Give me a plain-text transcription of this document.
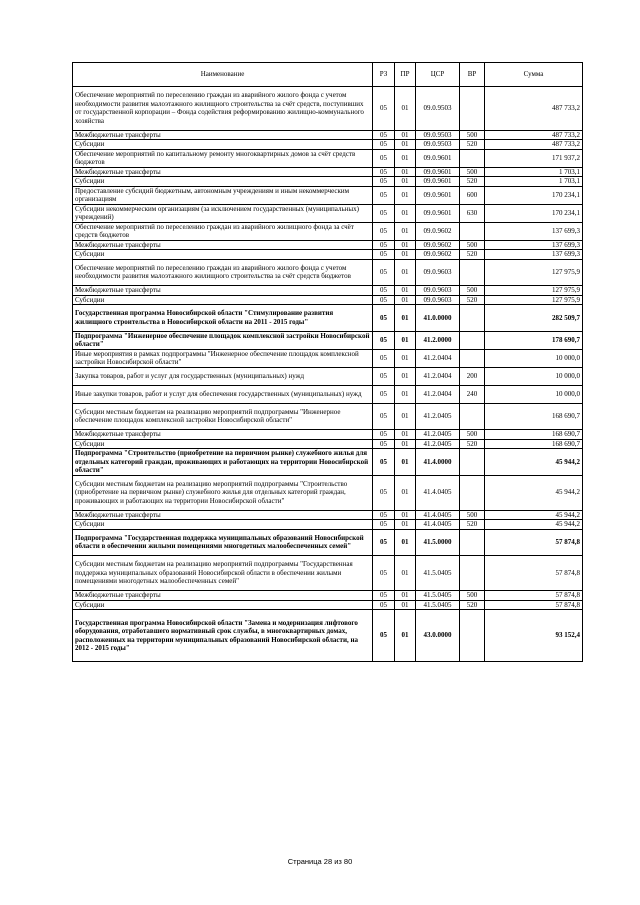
Наименование	РЗ	ПР	ЦСР	ВР	Сумма
Обеспечение мероприятий по переселению граждан из аварийного жилого фонда с учетом необходимости развития малоэтажного жилищного строительства за счёт средств, поступивших от государственной корпорации – Фонда содействия реформированию жилищно-коммунального хозяйства	05	01	09.0.9503		487 733,2
Межбюджетные трансферты	05	01	09.0.9503	500	487 733,2
Субсидии	05	01	09.0.9503	520	487 733,2
Обеспечение мероприятий по капитальному ремонту многоквартирных домов за счёт средств бюджетов	05	01	09.0.9601		171 937,2
Межбюджетные трансферты	05	01	09.0.9601	500	1 703,1
Субсидии	05	01	09.0.9601	520	1 703,1
Предоставление субсидий бюджетным, автономным учреждениям и иным некоммерческим организациям	05	01	09.0.9601	600	170 234,1
Субсидии некоммерческим организациям (за исключением государственных (муниципальных) учреждений)	05	01	09.0.9601	630	170 234,1
Обеспечение мероприятий по переселению граждан из аварийного жилищного фонда за счёт средств бюджетов	05	01	09.0.9602		137 699,3
Межбюджетные трансферты	05	01	09.0.9602	500	137 699,3
Субсидии	05	01	09.0.9602	520	137 699,3
Обеспечение мероприятий по переселению граждан из аварийного жилого фонда с учетом необходимости развития малоэтажного жилищного строительства за счёт средств бюджетов	05	01	09.0.9603		127 975,9
Межбюджетные трансферты	05	01	09.0.9603	500	127 975,9
Субсидии	05	01	09.0.9603	520	127 975,9
Государственная программа Новосибирской области "Стимулирование развития жилищного строительства в Новосибирской области на 2011 - 2015 годы"	05	01	41.0.0000		282 509,7
Подпрограмма "Инженерное обеспечение площадок комплексной застройки Новосибирской области"	05	01	41.2.0000		178 690,7
Иные мероприятия в рамках подпрограммы "Инженерное обеспечение площадок комплексной застройки Новосибирской области"	05	01	41.2.0404		10 000,0
Закупка товаров, работ и услуг для государственных (муниципальных) нужд	05	01	41.2.0404	200	10 000,0
Иные закупки товаров, работ и услуг для обеспечения государственных (муниципальных) нужд	05	01	41.2.0404	240	10 000,0
Субсидии местным бюджетам на реализацию мероприятий подпрограммы "Инженерное обеспечение площадок комплексной застройки Новосибирской области"	05	01	41.2.0405		168 690,7
Межбюджетные трансферты	05	01	41.2.0405	500	168 690,7
Субсидии	05	01	41.2.0405	520	168 690,7
Подпрограмма "Строительство (приобретение на первичном рынке) служебного жилья для отдельных категорий граждан, проживающих и работающих на территории Новосибирской области"	05	01	41.4.0000		45 944,2
Субсидии местным бюджетам на реализацию мероприятий подпрограммы "Строительство (приобретение на первичном рынке) служебного жилья для отдельных категорий граждан, проживающих и работающих на территории Новосибирской области"	05	01	41.4.0405		45 944,2
Межбюджетные трансферты	05	01	41.4.0405	500	45 944,2
Субсидии	05	01	41.4.0405	520	45 944,2
Подпрограмма "Государственная поддержка муниципальных образований Новосибирской области в обеспечении жилыми помещениями многодетных малообеспеченных семей"	05	01	41.5.0000		57 874,8
Субсидии местным бюджетам на реализацию мероприятий подпрограммы "Государственная поддержка муниципальных образований Новосибирской области в обеспечении жилыми помещениями многодетных малообеспеченных семей"	05	01	41.5.0405		57 874,8
Межбюджетные трансферты	05	01	41.5.0405	500	57 874,8
Субсидии	05	01	41.5.0405	520	57 874,8
Государственная программа Новосибирской области "Замена и модернизация лифтового оборудования, отработавшего нормативный срок службы, в многоквартирных домах, расположенных на территории муниципальных образований Новосибирской области, на 2012 - 2015 годы"	05	01	43.0.0000		93 152,4
Страница 28 из 80
